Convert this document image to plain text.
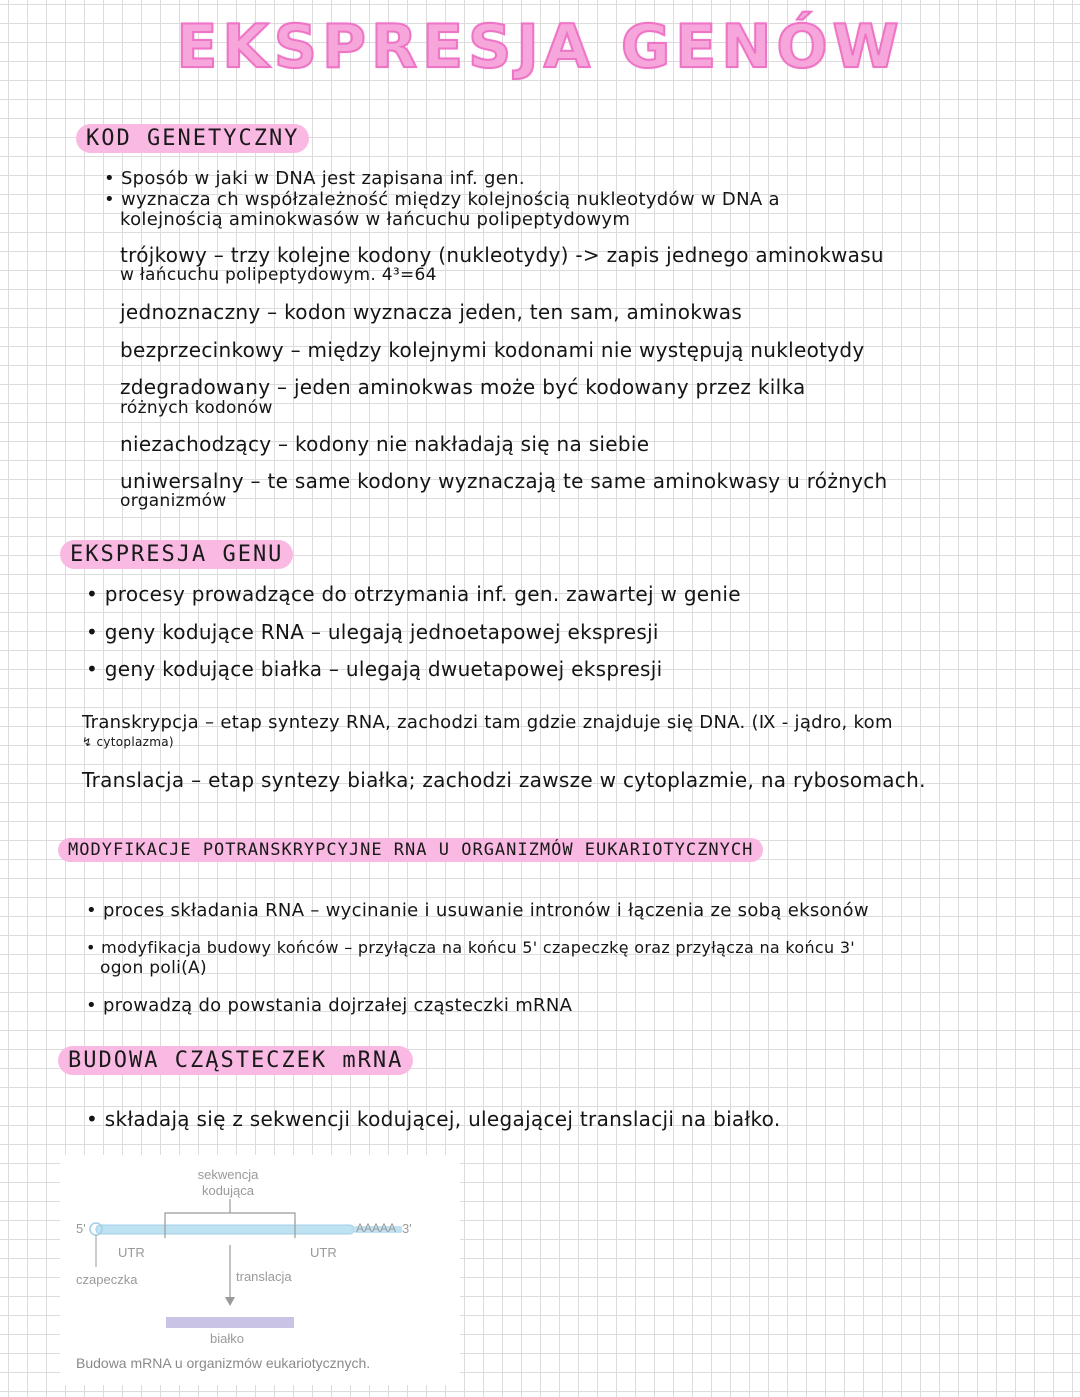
EKSPRESJA GENÓW
KOD GENETYCZNY
• Sposób w jaki w DNA jest zapisana inf. gen.
• wyznacza ch współzależność między kolejnością nukleotydów w DNA a
kolejnością aminokwasów w łańcuchu polipeptydowym
trójkowy – trzy kolejne kodony (nukleotydy) -> zapis jednego aminokwasu
w łańcuchu polipeptydowym. 4³=64
jednoznaczny – kodon wyznacza jeden, ten sam, aminokwas
bezprzecinkowy – między kolejnymi kodonami nie występują nukleotydy
zdegradowany – jeden aminokwas może być kodowany przez kilka
różnych kodonów
niezachodzący – kodony nie nakładają się na siebie
uniwersalny – te same kodony wyznaczają te same aminokwasy u różnych
organizmów
EKSPRESJA GENU
• procesy prowadzące do otrzymania inf. gen. zawartej w genie
• geny kodujące RNA – ulegają jednoetapowej ekspresji
• geny kodujące białka – ulegają dwuetapowej ekspresji
Transkrypcja – etap syntezy RNA, zachodzi tam gdzie znajduje się DNA. (Ⅸ - jądro, kom
↯ cytoplazma)
Translacja – etap syntezy białka; zachodzi zawsze w cytoplazmie, na rybosomach.
MODYFIKACJE POTRANSKRYPCYJNE RNA U ORGANIZMÓW EUKARIOTYCZNYCH
• proces składania RNA – wycinanie i usuwanie intronów i łączenia ze sobą eksonów
• modyfikacja budowy końców – przyłącza na końcu 5' czapeczkę oraz przyłącza na końcu 3'
ogon poli(A)
• prowadzą do powstania dojrzałej cząsteczki mRNA
BUDOWA CZĄSTECZEK mRNA
• składają się z sekwencji kodującej, ulegającej translacji na białko.
sekwencja kodująca
5'	AAAAA 3'
UTR	UTR
czapeczka	translacja
białko
Budowa mRNA u organizmów eukariotycznych.
